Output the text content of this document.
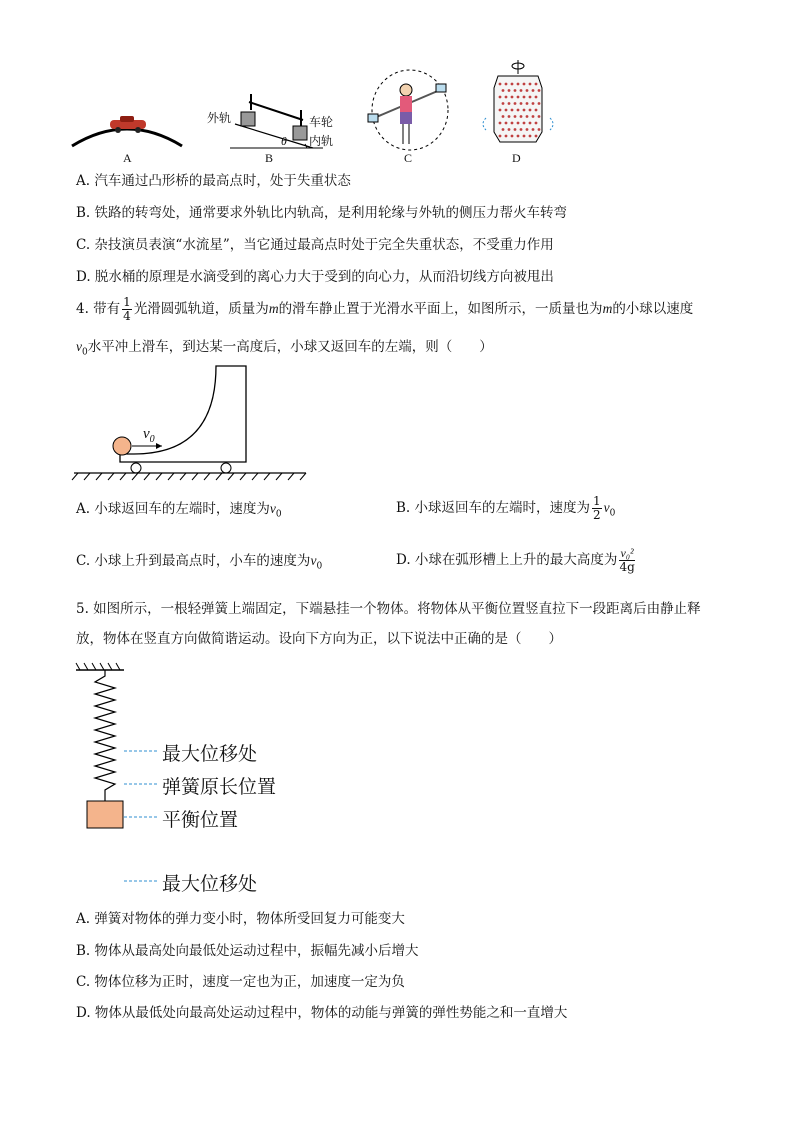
A
外轨	车轮
内轨
θ
B	C	D
A. 汽车通过凸形桥的最高点时，处于失重状态
B. 铁路的转弯处，通常要求外轨比内轨高，是利用轮缘与外轨的侧压力帮火车转弯
C. 杂技演员表演“水流星”，当它通过最高点时处于完全失重状态，不受重力作用
D. 脱水桶的原理是水滴受到的离心力大于受到的向心力，从而沿切线方向被甩出
4. 带有 $\frac{1}{4}$ 光滑圆弧轨道，质量为m的滑车静止置于光滑水平面上，如图所示，一质量也为m的小球以速度
$v_0$水平冲上滑车，到达某一高度后，小球又返回车的左端，则（　　）
$v_0$
A. 小球返回车的左端时，速度为$v_0$	B. 小球返回车的左端时，速度为 $\frac{1}{2} v_0$
C. 小球上升到最高点时，小车的速度为$v_0$	D. 小球在弧形槽上上升的最大高度为 $\frac{\text{v₀²}}{4g}$
5. 如图所示，一根轻弹簧上端固定，下端悬挂一个物体。将物体从平衡位置竖直拉下一段距离后由静止释
放，物体在竖直方向做简谐运动。设向下方向为正，以下说法中正确的是（　　）
最大位移处
弹簧原长位置
平衡位置
最大位移处
A. 弹簧对物体的弹力变小时，物体所受回复力可能变大
B. 物体从最高处向最低处运动过程中，振幅先减小后增大
C. 物体位移为正时，速度一定也为正，加速度一定为负
D. 物体从最低处向最高处运动过程中，物体的动能与弹簧的弹性势能之和一直增大
